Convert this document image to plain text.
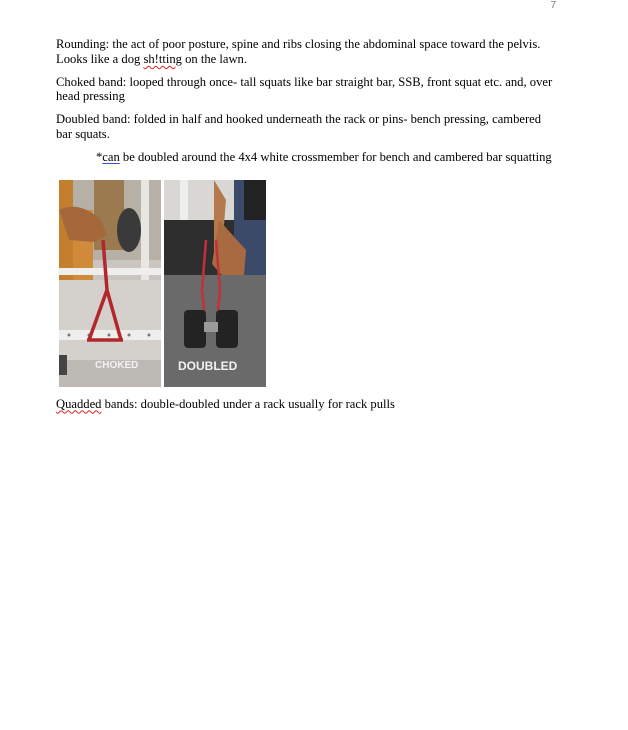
7

Rounding: the act of poor posture, spine and ribs closing the abdominal space toward the pelvis. Looks like a dog sh!tting on the lawn.

Choked band: looped through once- tall squats like bar straight bar, SSB, front squat etc. and, over head pressing

Doubled band: folded in half and hooked underneath the rack or pins- bench pressing, cambered bar squats.

*can be doubled around the 4x4 white crossmember for bench and cambered bar squatting

CHOKED	DOUBLED

Quadded bands: double-doubled under a rack usually for rack pulls
